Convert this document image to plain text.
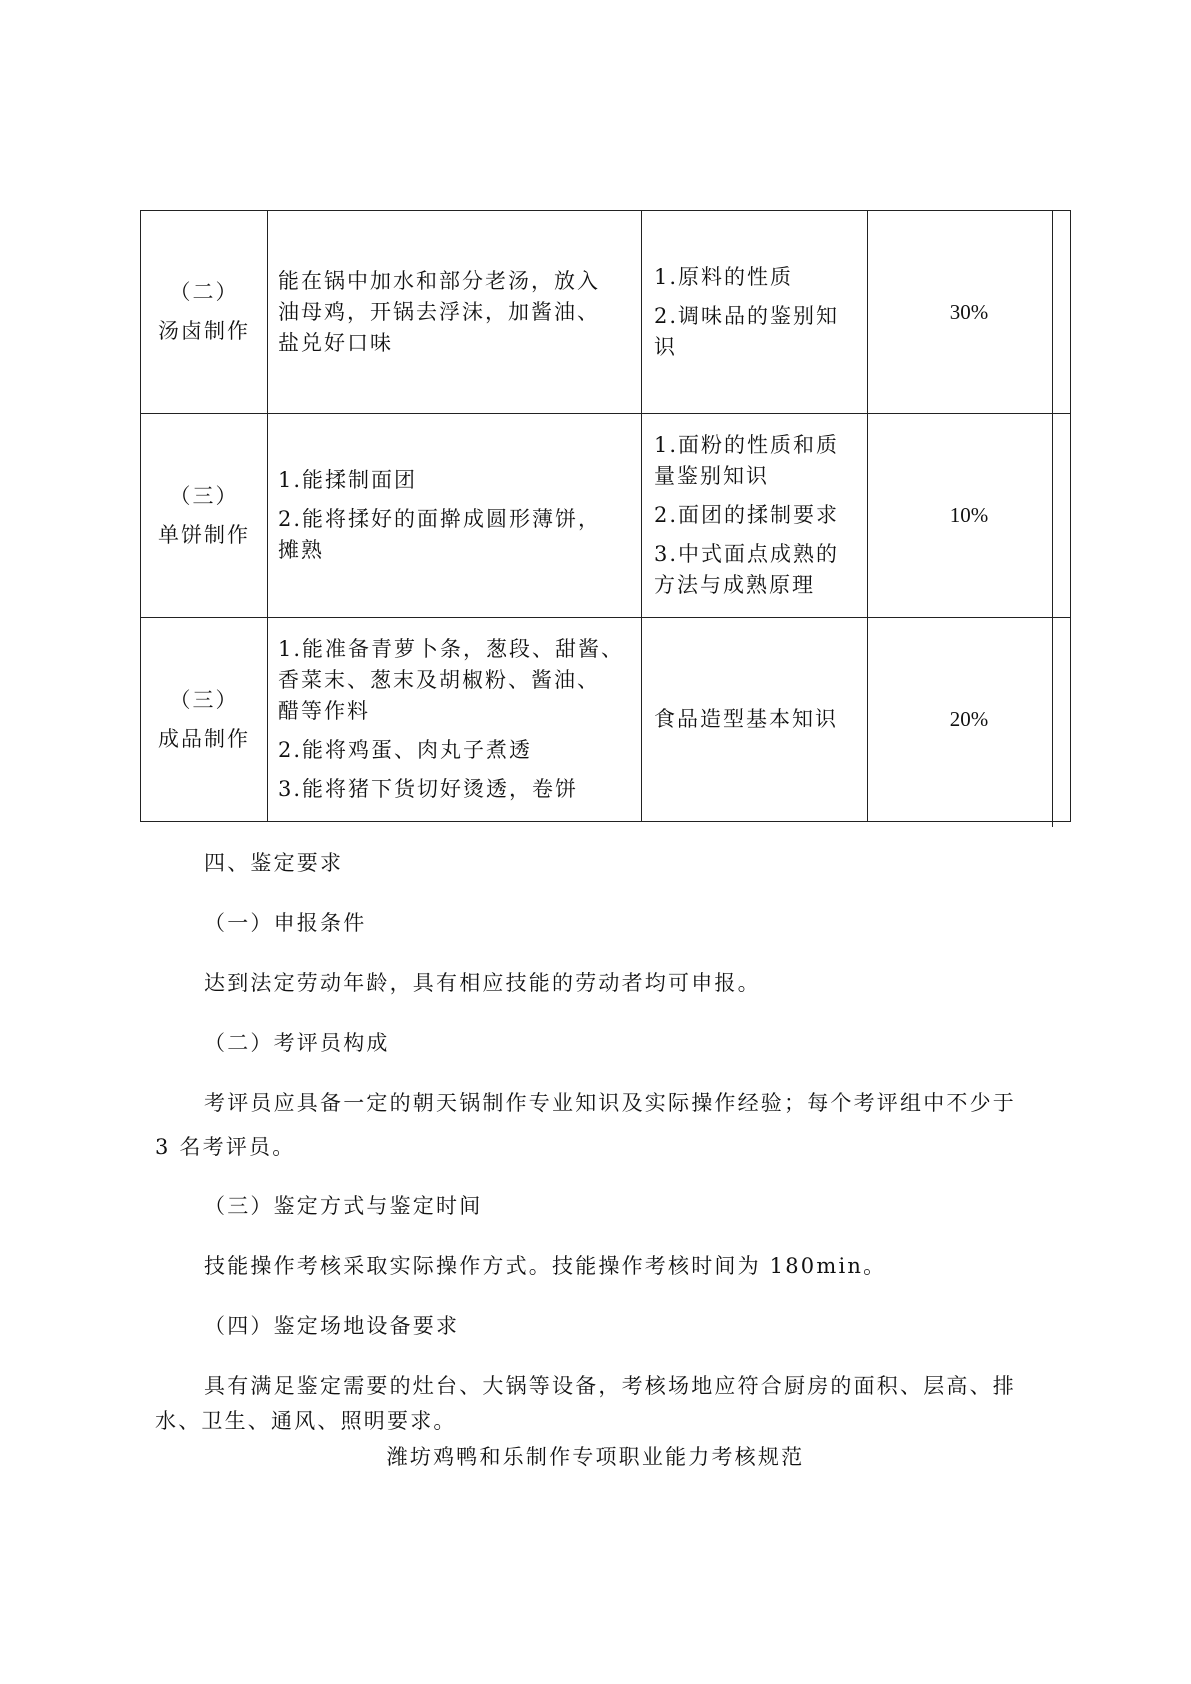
（二）
汤卤制作	能在锅中加水和部分老汤，放入
油母鸡，开锅去浮沫，加酱油、
盐兑好口味	1.原料的性质
2.调味品的鉴别知
识	30%

（三）
单饼制作	1.能揉制面团
2.能将揉好的面擀成圆形薄饼，
摊熟	1.面粉的性质和质
量鉴别知识
2.面团的揉制要求
3.中式面点成熟的
方法与成熟原理	10%

（三）
成品制作	1.能准备青萝卜条，葱段、甜酱、
香菜末、葱末及胡椒粉、酱油、
醋等作料
2.能将鸡蛋、肉丸子煮透
3.能将猪下货切好烫透，卷饼	食品造型基本知识	20%
四、鉴定要求
（一）申报条件
达到法定劳动年龄，具有相应技能的劳动者均可申报。
（二）考评员构成
考评员应具备一定的朝天锅制作专业知识及实际操作经验；每个考评组中不少于
3 名考评员。
（三）鉴定方式与鉴定时间
技能操作考核采取实际操作方式。技能操作考核时间为 180min。
（四）鉴定场地设备要求
具有满足鉴定需要的灶台、大锅等设备，考核场地应符合厨房的面积、层高、排
水、卫生、通风、照明要求。
潍坊鸡鸭和乐制作专项职业能力考核规范
